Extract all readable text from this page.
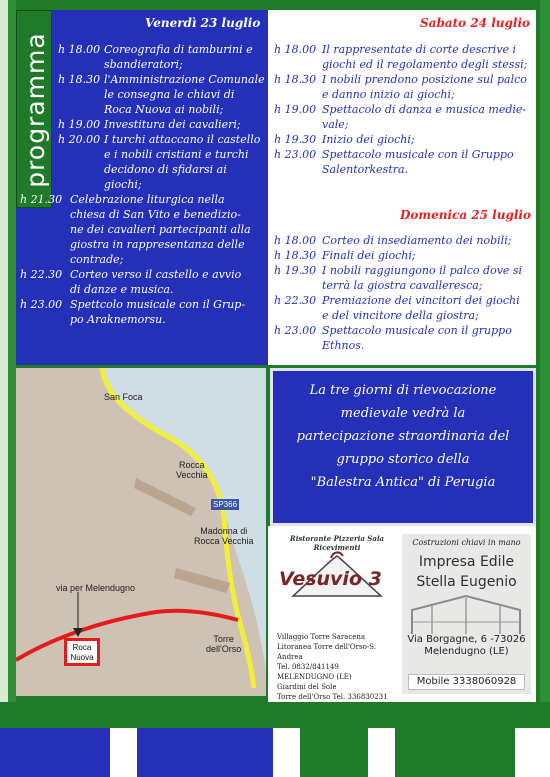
programma
Venerdì 23 luglio	Sabato 24 luglio
Domenica 25 luglio
h 18.00 Coreografia di tamburini e
sbandieratori;
h 18.30 l'Amministrazione Comunale
le consegna le chiavi di
Roca Nuova ai nobili;
h 19.00 Investitura dei cavalieri;
h 20.00 I turchi attaccano il castello
e i nobili cristiani e turchi
decidono di sfidarsi ai
giochi;
h 21.30 Celebrazione liturgica nella
chiesa di San Vito e benedizio-
ne dei cavalieri partecipanti alla
giostra in rappresentanza delle
contrade;
h 22.30 Corteo verso il castello e avvio
di danze e musica.
h 23.00 Spettcolo musicale con il Grup-
po Araknemorsu.
h 18.00 Il rappresentate di corte descrive i
giochi ed il regolamento degli stessi;
h 18.30 I nobili prendono posizione sul palco
e danno inizio ai giochi;
h 19.00 Spettacolo di danza e musica medie-
vale;
h 19.30 Inizio dei giochi;
h 23.00 Spettacolo musicale con il Gruppo
Salentorkestra.
h 18.00 Corteo di insediamento dei nobili;
h 18.30 Finali dei giochi;
h 19.30 I nobili raggiungono il palco dove si
terrà la giostra cavalleresca;
h 22.30 Premiazione dei vincitori dei giochi
e del vincitore della giostra;
h 23.00 Spettacolo musicale con il gruppo
Ethnos.
San Foca
Rocca
Vecchia
SP366
Madonna di
Rocca Vecchia
via per Melendugno
Roca
Nuova
Torre
dell'Orso
La tre giorni di rievocazione
medievale vedrà la
partecipazione straordinaria del
gruppo storico della
"Balestra Antica" di Perugia
Ristorante Pizzeria Sala Ricevimenti
Vesuvio 3
Villaggio Torre Saracena
Litoranea Torre dell'Orso-S. Andrea
Tel. 0832/841149
MELENDUGNO (LE)
Giardini del Sole
Torre dell'Orso Tel. 336830231
Costruzioni chiavi in mano
Impresa Edile
Stella Eugenio
Via Borgagne, 6 -73026
Melendugno (LE)
Mobile 3338060928
